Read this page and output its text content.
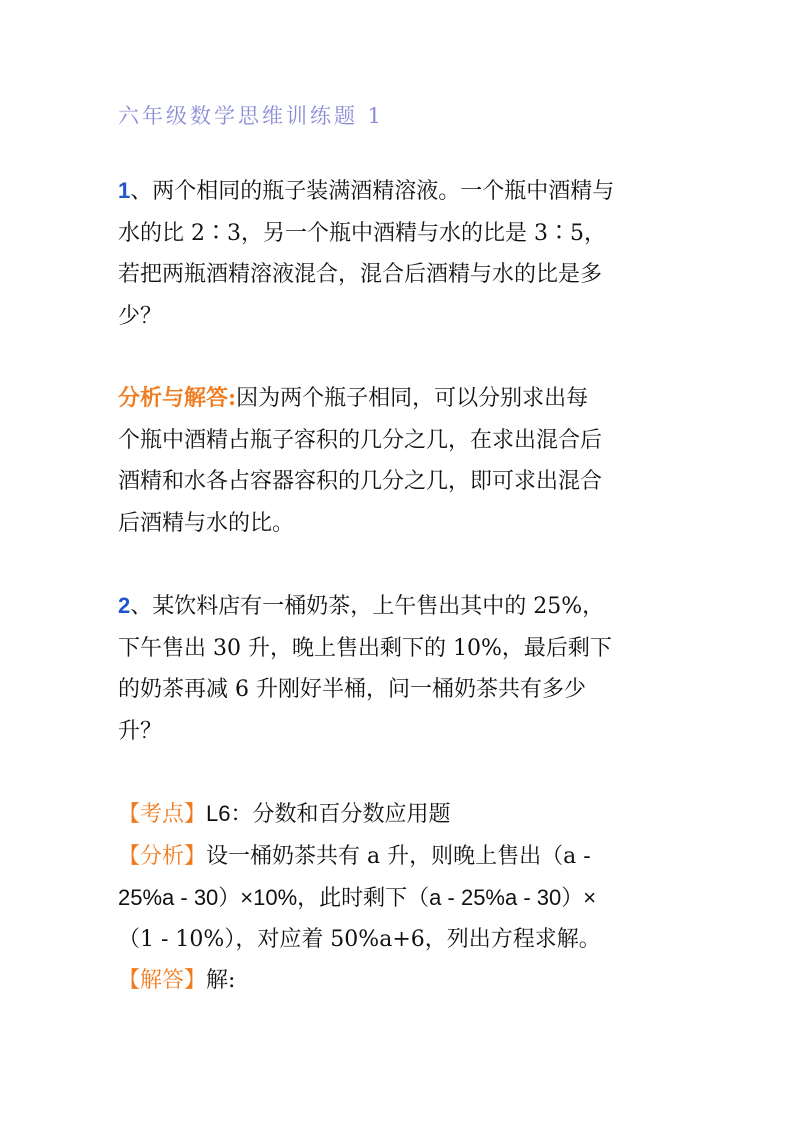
六年级数学思维训练题 1

1、两个相同的瓶子装满酒精溶液。一个瓶中酒精与

水的比 2∶3，另一个瓶中酒精与水的比是 3∶5，

若把两瓶酒精溶液混合，混合后酒精与水的比是多

少？

分析与解答:因为两个瓶子相同，可以分别求出每

个瓶中酒精占瓶子容积的几分之几，在求出混合后

酒精和水各占容器容积的几分之几，即可求出混合

后酒精与水的比。

2、某饮料店有一桶奶茶，上午售出其中的 25%，

下午售出 30 升，晚上售出剩下的 10%，最后剩下

的奶茶再减 6 升刚好半桶，问一桶奶茶共有多少

升？

【考点】L6：分数和百分数应用题

【分析】设一桶奶茶共有 a 升，则晚上售出（a -

25%a - 30）×10%，此时剩下（a - 25%a - 30）×

（1 - 10%），对应着 50%a+6，列出方程求解。

【解答】解:
